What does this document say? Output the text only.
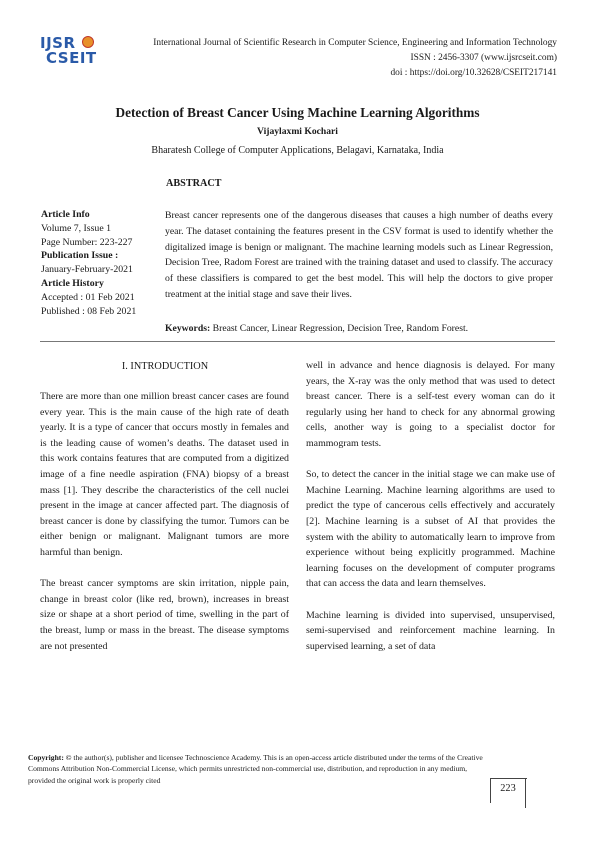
IJSR
CSEIT
International Journal of Scientific Research in Computer Science, Engineering and Information Technology
ISSN : 2456-3307 (www.ijsrcseit.com)
doi : https://doi.org/10.32628/CSEIT217141
Detection of Breast Cancer Using Machine Learning Algorithms
Vijaylaxmi Kochari
Bharatesh College of Computer Applications, Belagavi, Karnataka, India
ABSTRACT
Article Info
Volume 7, Issue 1
Page Number: 223-227
Publication Issue :
January-February-2021
Article History
Accepted : 01 Feb 2021
Published : 08 Feb 2021
Breast cancer represents one of the dangerous diseases that causes a high number of deaths every year. The dataset containing the features present in the CSV format is used to identify whether the digitalized image is benign or malignant. The machine learning models such as Linear Regression, Decision Tree, Radom Forest are trained with the training dataset and used to classify. The accuracy of these classifiers is compared to get the best model. This will help the doctors to give proper treatment at the initial stage and save their lives.
Keywords: Breast Cancer, Linear Regression, Decision Tree, Random Forest.
I. INTRODUCTION

There are more than one million breast cancer cases are found every year. This is the main cause of the high rate of death yearly. It is a type of cancer that occurs mostly in females and is the leading cause of women’s deaths. The dataset used in this work contains features that are computed from a digitized image of a fine needle aspiration (FNA) biopsy of a breast mass [1]. They describe the characteristics of the cell nuclei present in the image at cancer affected part. The diagnosis of breast cancer is done by classifying the tumor. Tumors can be either benign or malignant. Malignant tumors are more harmful than benign.

The breast cancer symptoms are skin irritation, nipple pain, change in breast color (like red, brown), increases in breast size or shape at a short period of time, swelling in the part of the breast, lump or mass in the breast. The disease symptoms are not presented

well in advance and hence diagnosis is delayed. For many years, the X-ray was the only method that was used to detect breast cancer. There is a self-test every woman can do it regularly using her hand to check for any abnormal growing cells, another way is going to a specialist doctor for mammogram tests.

So, to detect the cancer in the initial stage we can make use of Machine Learning. Machine learning algorithms are used to predict the type of cancerous cells effectively and accurately [2]. Machine learning is a subset of AI that provides the system with the ability to automatically learn to improve from experience without being explicitly programmed. Machine learning focuses on the development of computer programs that can access the data and learn themselves.

Machine learning is divided into supervised, unsupervised, semi-supervised and reinforcement machine learning. In supervised learning, a set of data

Copyright: © the author(s), publisher and licensee Technoscience Academy. This is an open-access article distributed under the terms of the Creative Commons Attribution Non-Commercial License, which permits unrestricted non-commercial use, distribution, and reproduction in any medium, provided the original work is properly cited
223
